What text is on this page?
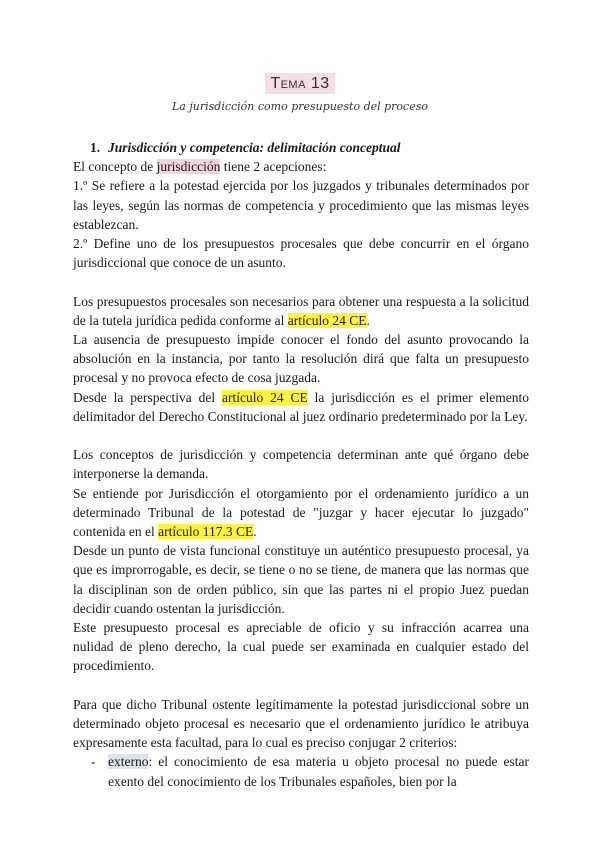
Tema 13
La jurisdicción como presupuesto del proceso
1. Jurisdicción y competencia: delimitación conceptual

El concepto de jurisdicción tiene 2 acepciones:

1.º Se refiere a la potestad ejercida por los juzgados y tribunales determinados por las leyes, según las normas de competencia y procedimiento que las mismas leyes establezcan.

2.º Define uno de los presupuestos procesales que debe concurrir en el órgano jurisdiccional que conoce de un asunto.

Los presupuestos procesales son necesarios para obtener una respuesta a la solicitud de la tutela jurídica pedida conforme al artículo 24 CE.

La ausencia de presupuesto impide conocer el fondo del asunto provocando la absolución en la instancia, por tanto la resolución dirá que falta un presupuesto procesal y no provoca efecto de cosa juzgada.

Desde la perspectiva del artículo 24 CE la jurisdicción es el primer elemento delimitador del Derecho Constitucional al juez ordinario predeterminado por la Ley.

Los conceptos de jurisdicción y competencia determinan ante qué órgano debe interponerse la demanda.

Se entiende por Jurisdicción el otorgamiento por el ordenamiento jurídico a un determinado Tribunal de la potestad de "juzgar y hacer ejecutar lo juzgado" contenida en el artículo 117.3 CE.

Desde un punto de vista funcional constituye un auténtico presupuesto procesal, ya que es improrrogable, es decir, se tiene o no se tiene, de manera que las normas que la disciplinan son de orden público, sin que las partes ni el propio Juez puedan decidir cuando ostentan la jurisdicción.

Este presupuesto procesal es apreciable de oficio y su infracción acarrea una nulidad de pleno derecho, la cual puede ser examinada en cualquier estado del procedimiento.

Para que dicho Tribunal ostente legítimamente la potestad jurisdiccional sobre un determinado objeto procesal es necesario que el ordenamiento jurídico le atribuya expresamente esta facultad, para lo cual es preciso conjugar 2 criterios:

- externo: el conocimiento de esa materia u objeto procesal no puede estar exento del conocimiento de los Tribunales españoles, bien por la
